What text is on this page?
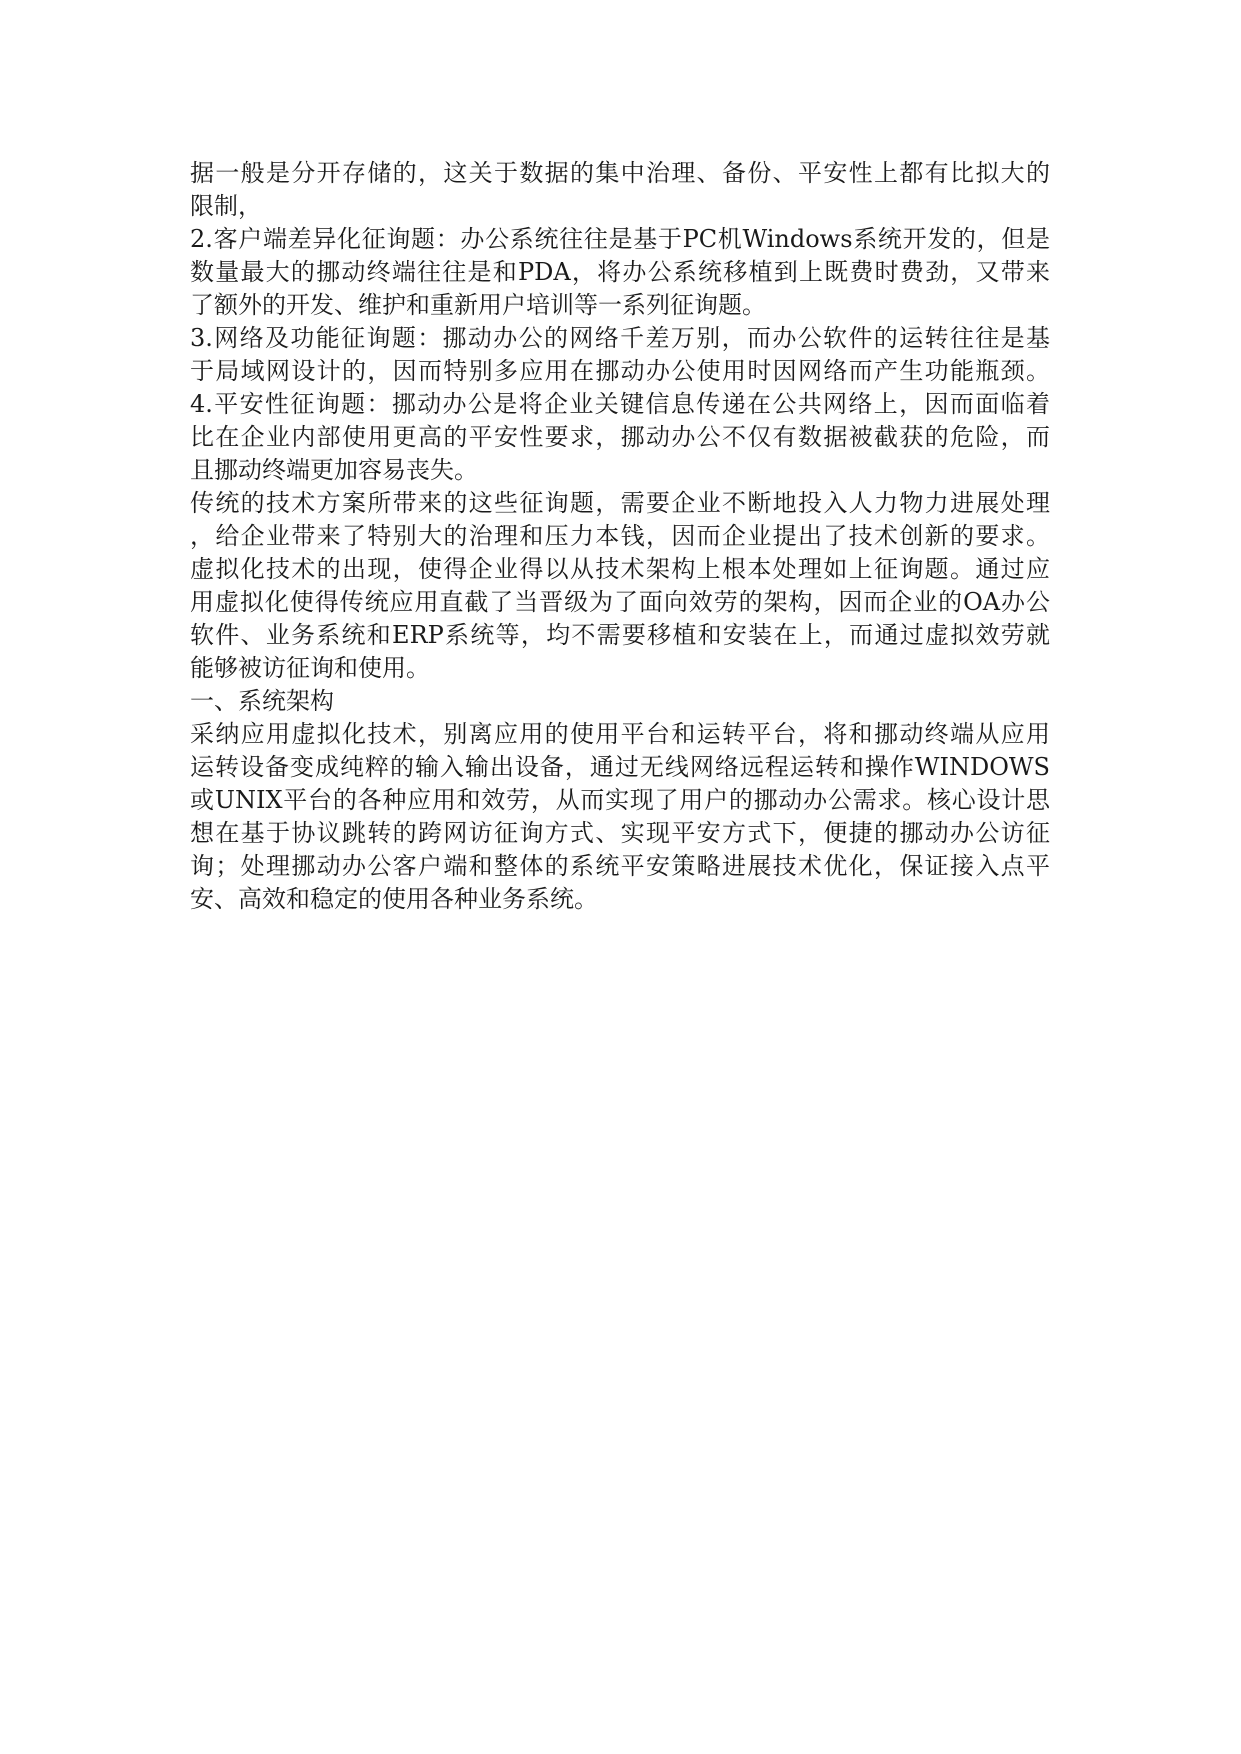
据一般是分开存储的，这关于数据的集中治理、备份、平安性上都有比拟大的
限制，
2.客户端差异化征询题：办公系统往往是基于PC机Windows系统开发的，但是
数量最大的挪动终端往往是和PDA，将办公系统移植到上既费时费劲，又带来
了额外的开发、维护和重新用户培训等一系列征询题。
3.网络及功能征询题：挪动办公的网络千差万别，而办公软件的运转往往是基
于局域网设计的，因而特别多应用在挪动办公使用时因网络而产生功能瓶颈。
4.平安性征询题：挪动办公是将企业关键信息传递在公共网络上，因而面临着
比在企业内部使用更高的平安性要求，挪动办公不仅有数据被截获的危险，而
且挪动终端更加容易丧失。
传统的技术方案所带来的这些征询题，需要企业不断地投入人力物力进展处理
，给企业带来了特别大的治理和压力本钱，因而企业提出了技术创新的要求。
虚拟化技术的出现，使得企业得以从技术架构上根本处理如上征询题。通过应
用虚拟化使得传统应用直截了当晋级为了面向效劳的架构，因而企业的OA办公
软件、业务系统和ERP系统等，均不需要移植和安装在上，而通过虚拟效劳就
能够被访征询和使用。
一、系统架构
采纳应用虚拟化技术，别离应用的使用平台和运转平台，将和挪动终端从应用
运转设备变成纯粹的输入输出设备，通过无线网络远程运转和操作WINDOWS
或UNIX平台的各种应用和效劳，从而实现了用户的挪动办公需求。核心设计思
想在基于协议跳转的跨网访征询方式、实现平安方式下，便捷的挪动办公访征
询；处理挪动办公客户端和整体的系统平安策略进展技术优化，保证接入点平
安、高效和稳定的使用各种业务系统。
